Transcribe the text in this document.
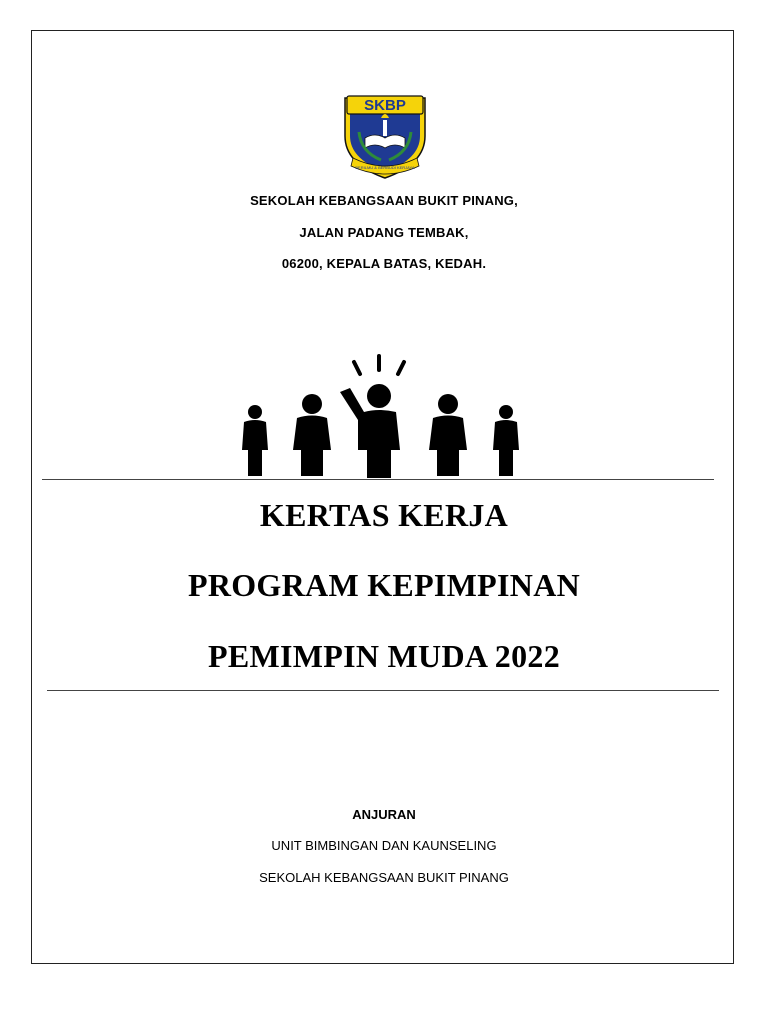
SKBP
BERILMU & BERBUDI KERJAYA
SEKOLAH KEBANGSAAN BUKIT PINANG,
JALAN PADANG TEMBAK,
06200, KEPALA BATAS, KEDAH.
KERTAS KERJA
PROGRAM KEPIMPINAN
PEMIMPIN MUDA 2022
ANJURAN
UNIT BIMBINGAN DAN KAUNSELING
SEKOLAH KEBANGSAAN BUKIT PINANG
